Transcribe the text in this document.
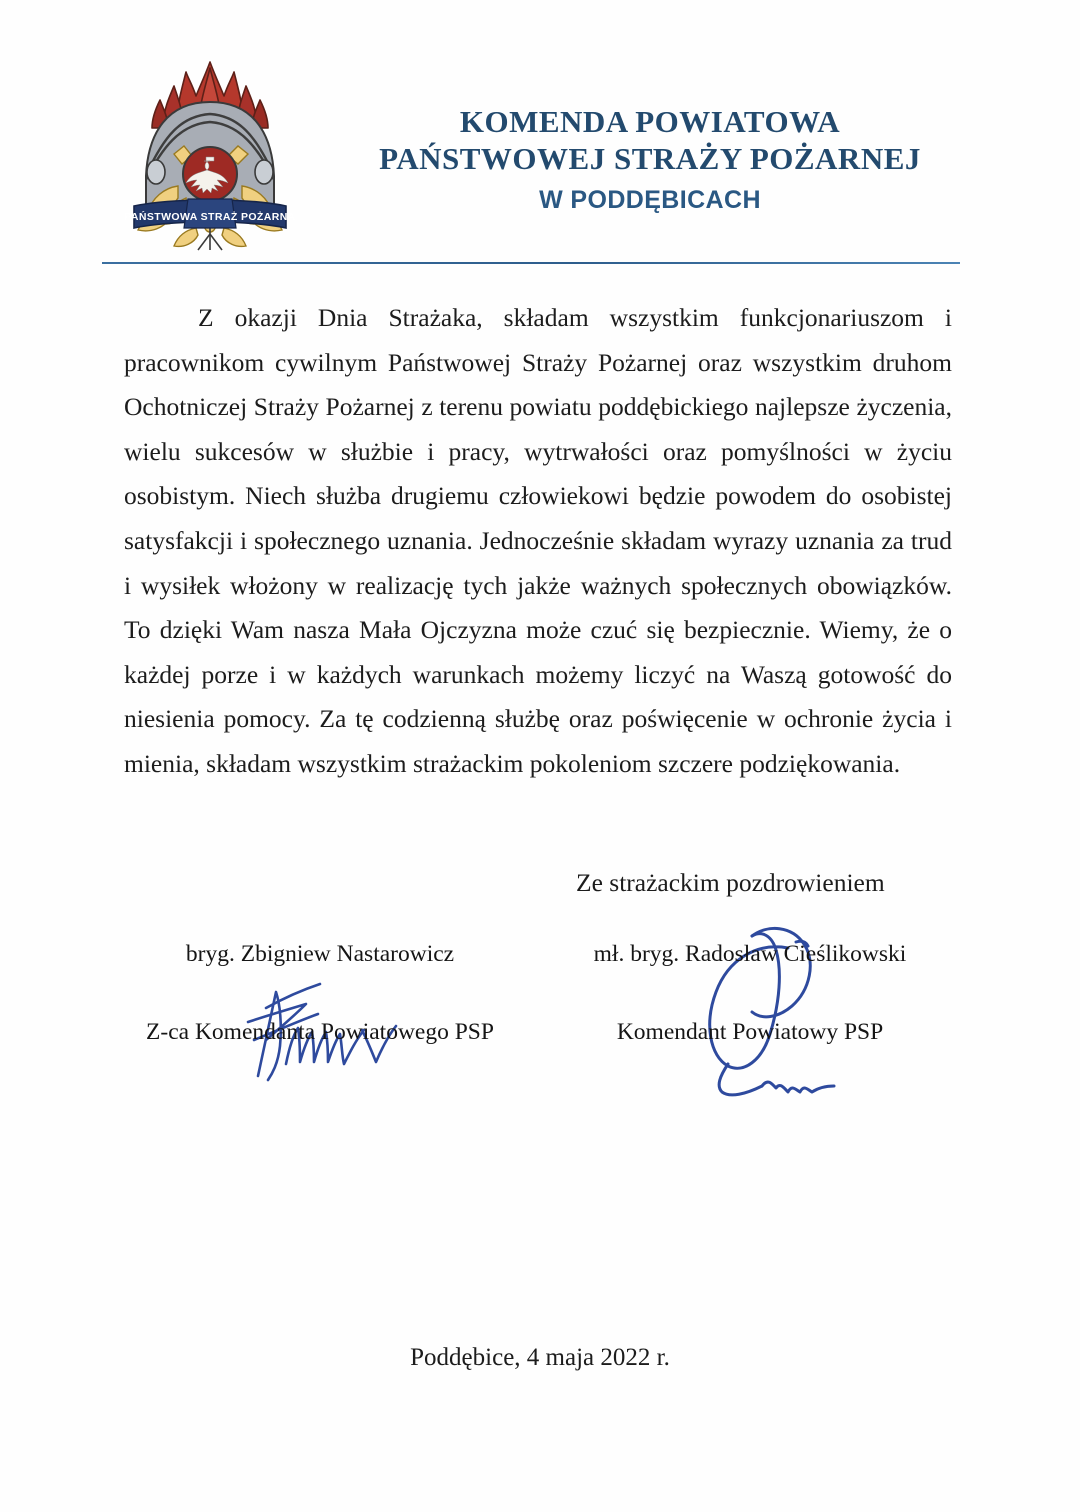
PAŃSTWOWA STRAŻ POŻARNA
KOMENDA POWIATOWA
PAŃSTWOWEJ STRAŻY POŻARNEJ
W PODDĘBICACH

Z okazji Dnia Strażaka, składam wszystkim funkcjonariuszom i pracownikom cywilnym Państwowej Straży Pożarnej oraz wszystkim druhom Ochotniczej Straży Pożarnej z terenu powiatu poddębickiego najlepsze życzenia, wielu sukcesów w służbie i pracy, wytrwałości oraz pomyślności w życiu osobistym. Niech służba drugiemu człowiekowi będzie powodem do osobistej satysfakcji i społecznego uznania. Jednocześnie składam wyrazy uznania za trud i wysiłek włożony w realizację tych jakże ważnych społecznych obowiązków. To dzięki Wam nasza Mała Ojczyzna może czuć się bezpiecznie. Wiemy, że o każdej porze i w każdych warunkach możemy liczyć na Waszą gotowość do niesienia pomocy. Za tę codzienną służbę oraz poświęcenie w ochronie życia i mienia, składam wszystkim strażackim pokoleniom szczere podziękowania.

Ze strażackim pozdrowieniem
bryg. Zbigniew Nastarowicz
Z-ca Komendanta Powiatowego PSP
mł. bryg. Radosław Cieślikowski
Komendant Powiatowy PSP
Poddębice, 4 maja 2022 r.
